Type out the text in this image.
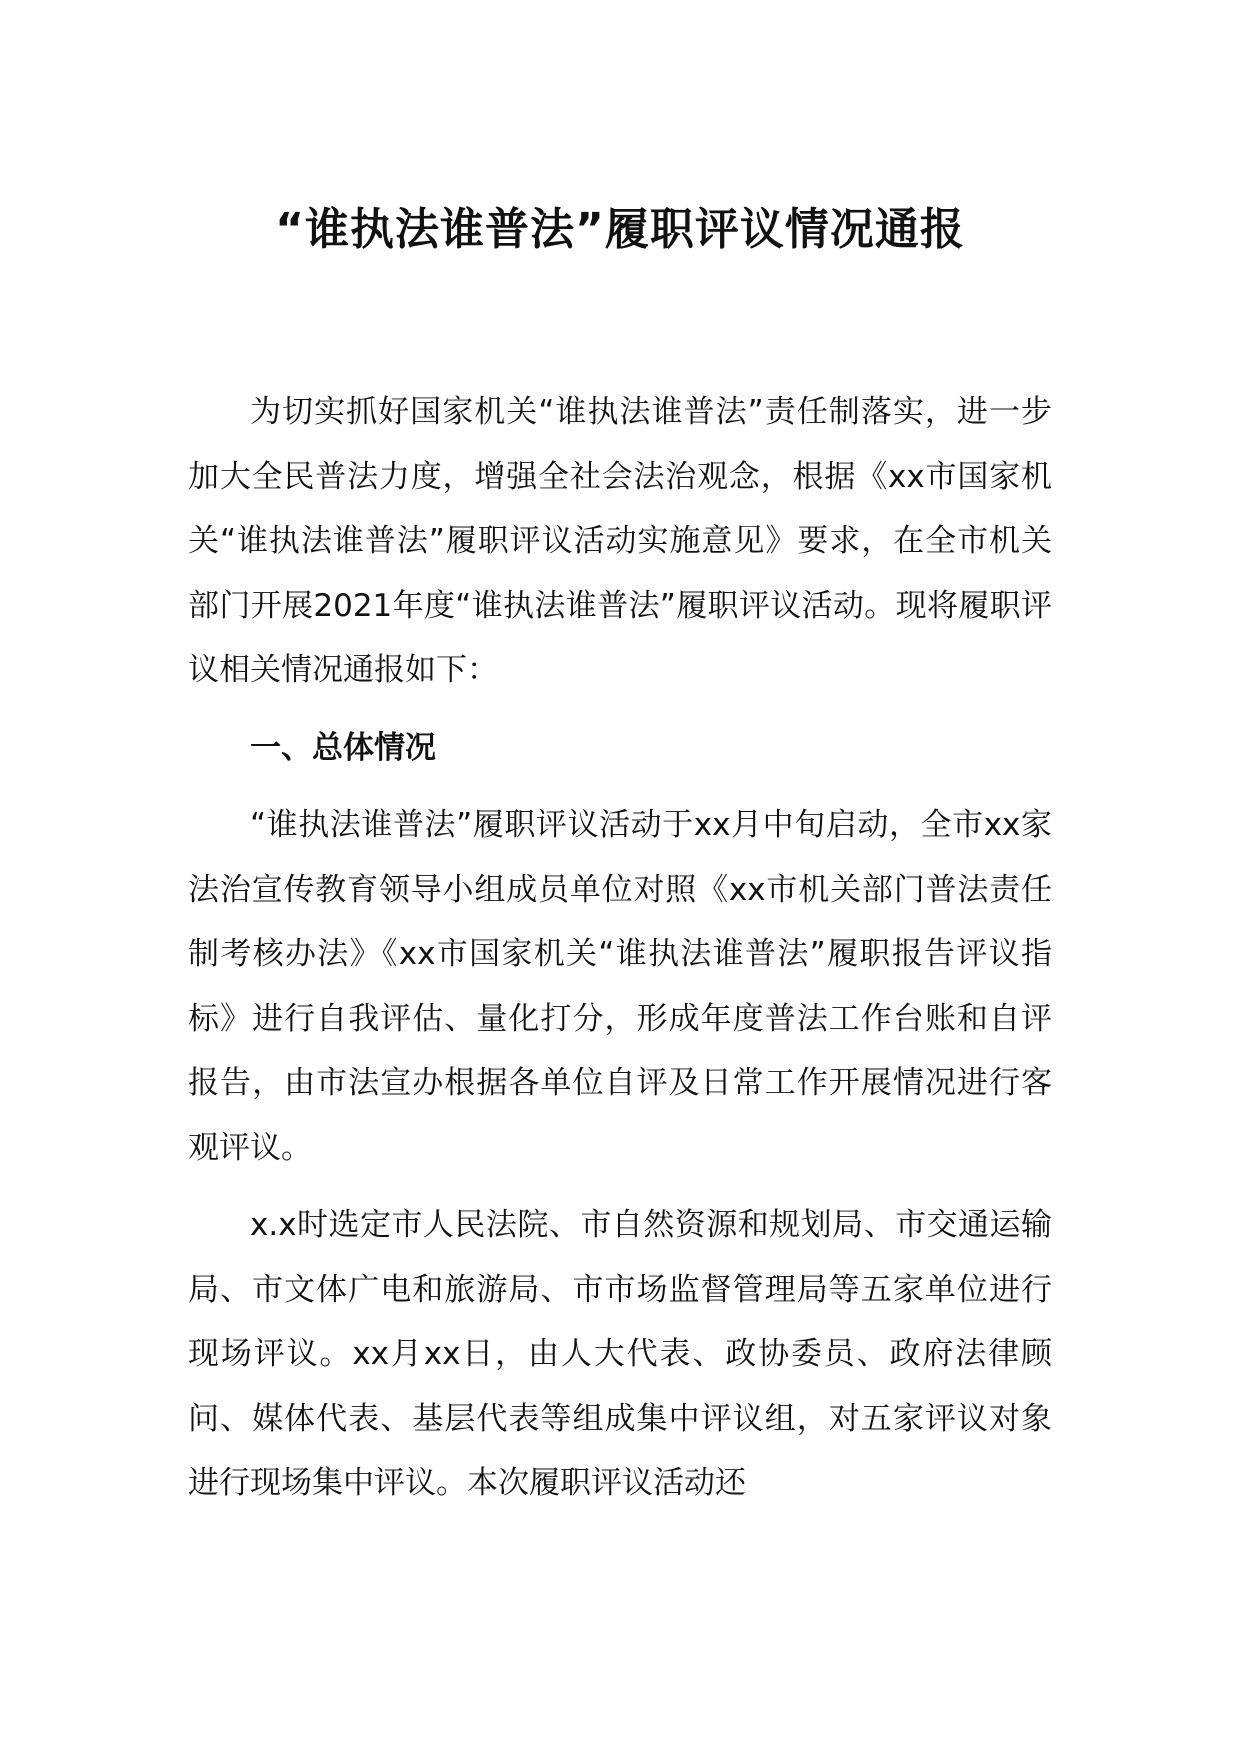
“谁执法谁普法”履职评议情况通报

为切实抓好国家机关“谁执法谁普法”责任制落实，进一步加大全民普法力度，增强全社会法治观念，根据《xx市国家机关“谁执法谁普法”履职评议活动实施意见》要求，在全市机关部门开展2021年度“谁执法谁普法”履职评议活动。现将履职评议相关情况通报如下：

一、总体情况

“谁执法谁普法”履职评议活动于xx月中旬启动，全市xx家法治宣传教育领导小组成员单位对照《xx市机关部门普法责任制考核办法》《xx市国家机关“谁执法谁普法”履职报告评议指标》进行自我评估、量化打分，形成年度普法工作台账和自评报告，由市法宣办根据各单位自评及日常工作开展情况进行客观评议。

x.x时选定市人民法院、市自然资源和规划局、市交通运输局、市文体广电和旅游局、市市场监督管理局等五家单位进行现场评议。xx月xx日，由人大代表、政协委员、政府法律顾问、媒体代表、基层代表等组成集中评议组，对五家评议对象进行现场集中评议。本次履职评议活动还
